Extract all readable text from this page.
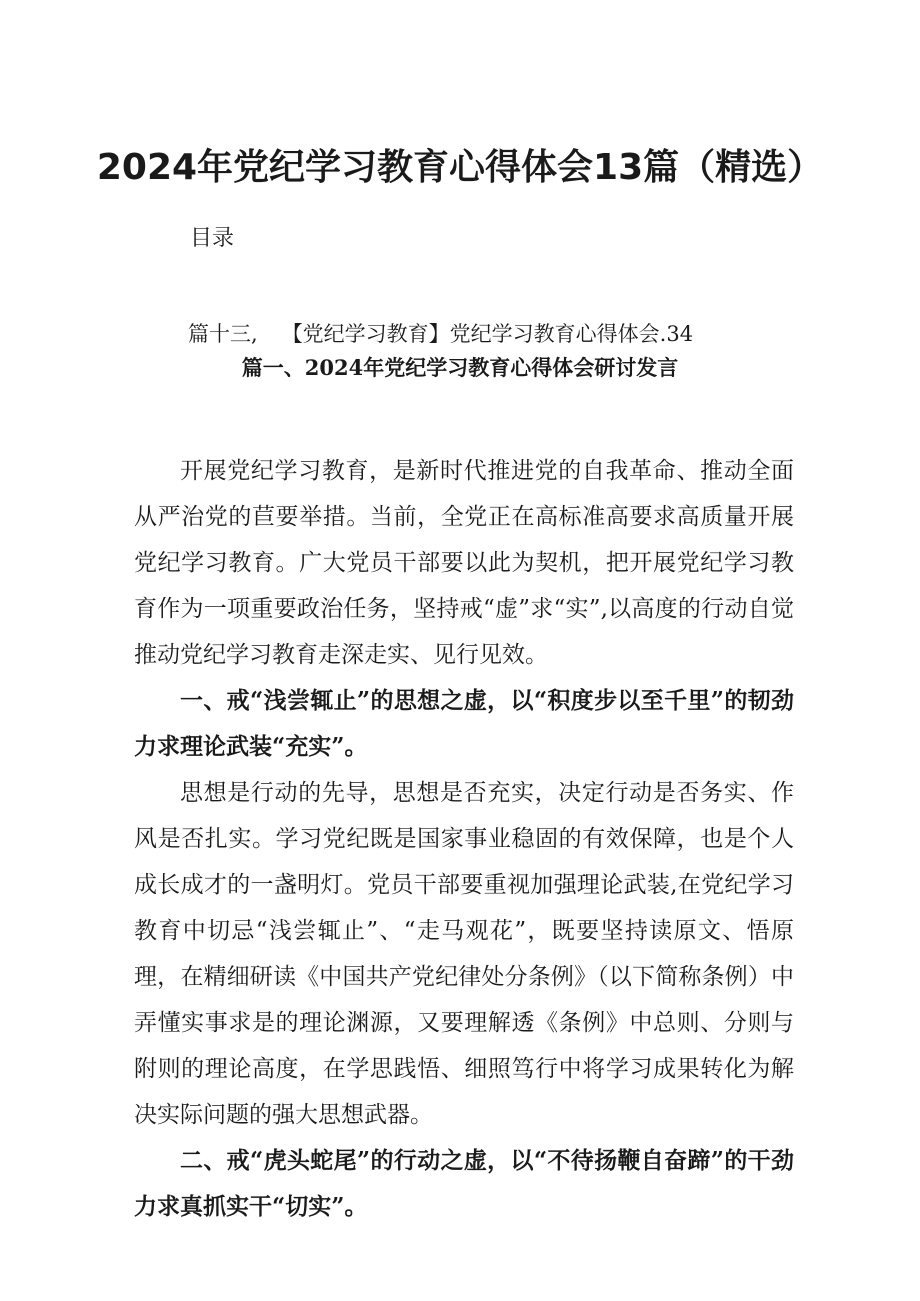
2024年党纪学习教育心得体会13篇（精选）
目录
篇十三, 【党纪学习教育】党纪学习教育心得体会.34
篇一、2024年党纪学习教育心得体会研讨发言

开展党纪学习教育，是新时代推进党的自我革命、推动全面从严治党的苣要举措。当前，全党正在高标准高要求高质量开展党纪学习教育。广大党员干部要以此为契机，把开展党纪学习教育作为一项重要政治任务，坚持戒“虚”求“实”,以高度的行动自觉推动党纪学习教育走深走实、见行见效。

一、戒“浅尝辄止”的思想之虚，以“积度步以至千里”的韧劲力求理论武装“充实”。

思想是行动的先导，思想是否充实，决定行动是否务实、作风是否扎实。学习党纪既是国家事业稳固的有效保障，也是个人成长成才的一盏明灯。党员干部要重视加强理论武装,在党纪学习教育中切忌“浅尝辄止”、“走马观花”，既要坚持读原文、悟原理，在精细研读《中国共产党纪律处分条例》（以下简称条例）中弄懂实事求是的理论渊源，又要理解透《条例》中总则、分则与附则的理论高度，在学思践悟、细照笃行中将学习成果转化为解决实际问题的强大思想武器。

二、戒“虎头蛇尾”的行动之虚，以“不待扬鞭自奋蹄”的干劲力求真抓实干“切实”。
